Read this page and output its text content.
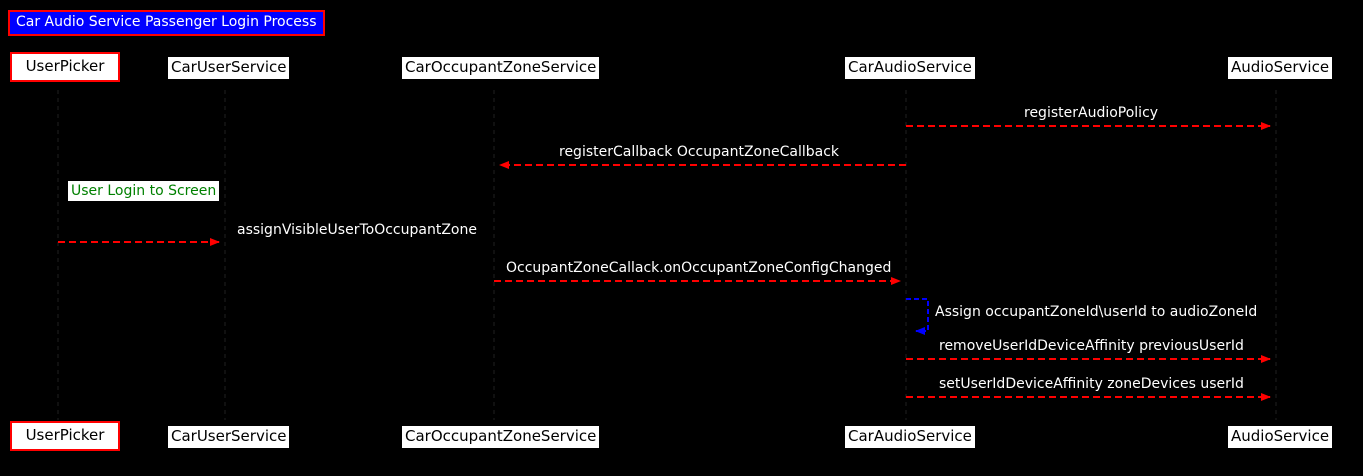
Car Audio Service Passenger Login Process
UserPicker	CarUserService	CarOccupantZoneService	CarAudioService	AudioService
registerAudioPolicy
registerCallback OccupantZoneCallback
assignVisibleUserToOccupantZone
OccupantZoneCallack.onOccupantZoneConfigChanged
removeUserIdDeviceAffinity previousUserId
setUserIdDeviceAffinity zoneDevices userId
Assign occupantZoneId\userId to audioZoneId
User Login to Screen
UserPicker	CarUserService	CarOccupantZoneService	CarAudioService	AudioService
